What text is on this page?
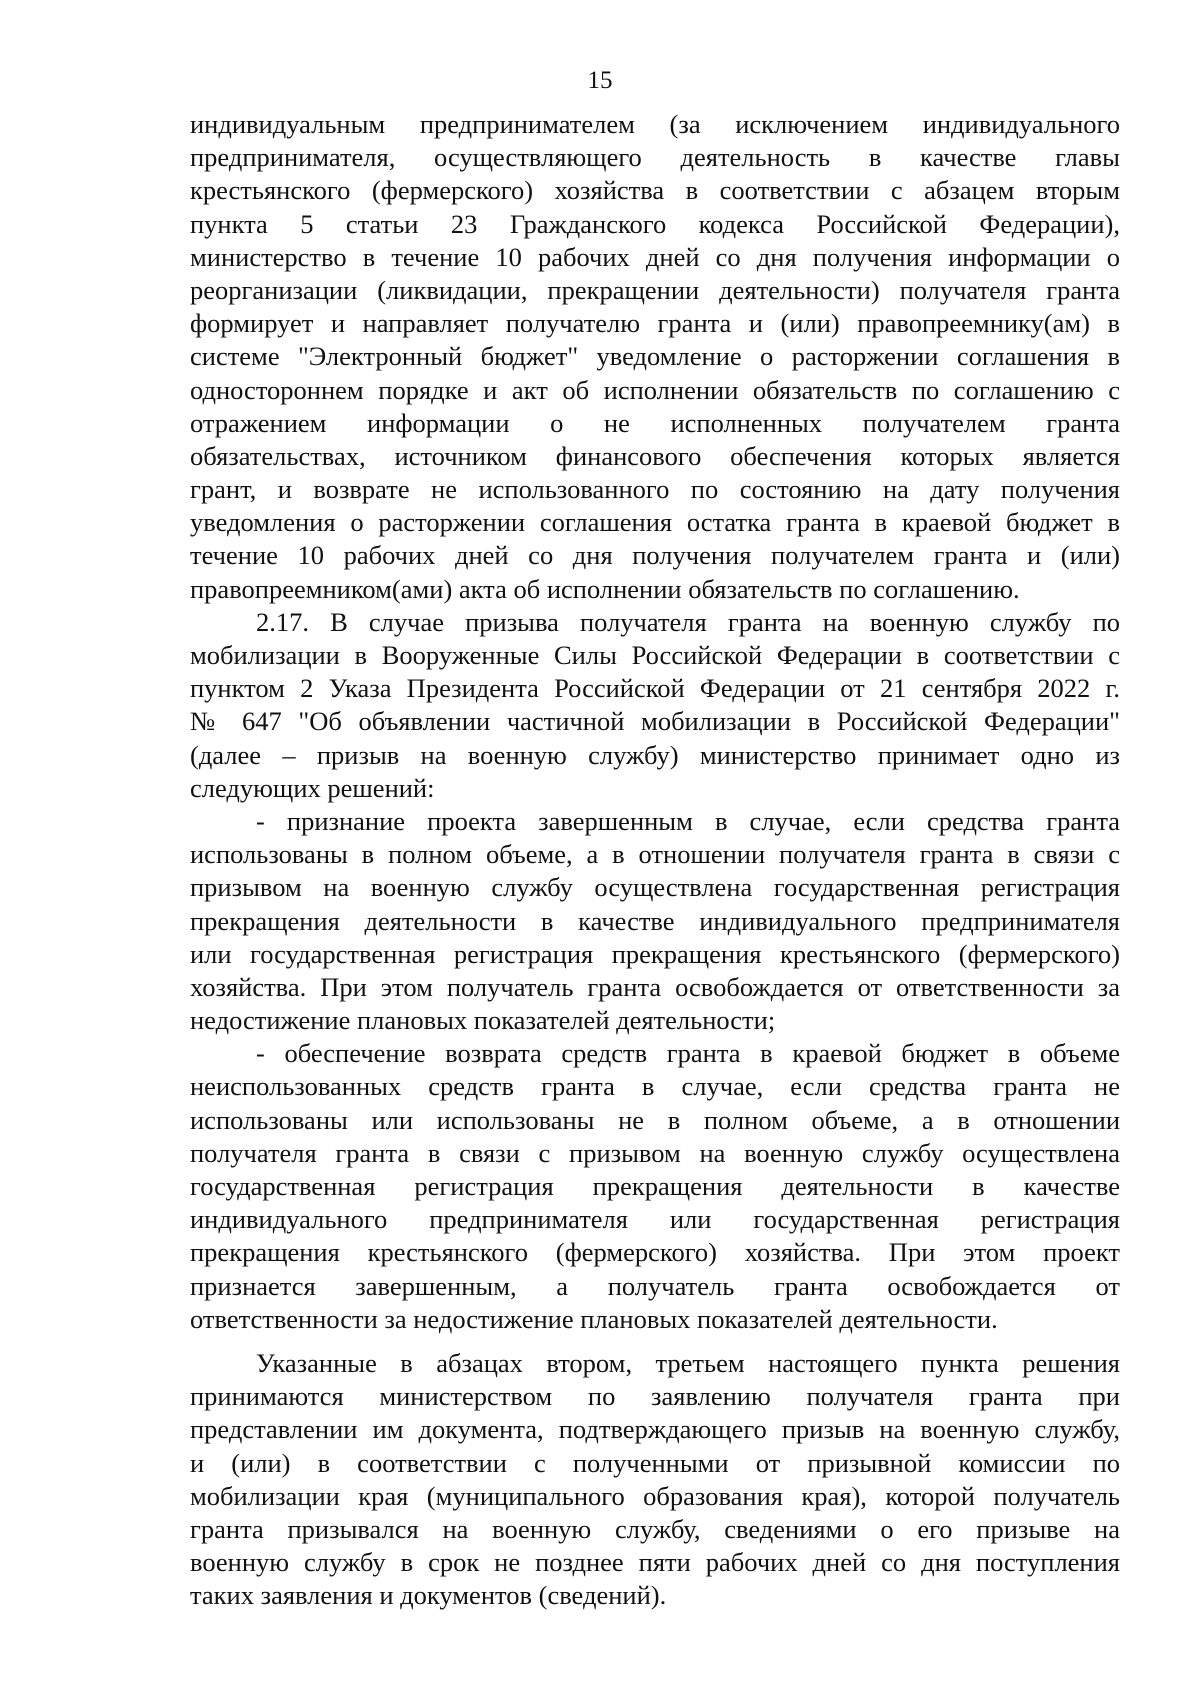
15
индивидуальным предпринимателем (за исключением индивидуального
предпринимателя, осуществляющего деятельность в качестве главы
крестьянского (фермерского) хозяйства в соответствии с абзацем вторым
пункта 5 статьи 23 Гражданского кодекса Российской Федерации),
министерство в течение 10 рабочих дней со дня получения информации о
реорганизации (ликвидации, прекращении деятельности) получателя гранта
формирует и направляет получателю гранта и (или) правопреемнику(ам) в
системе "Электронный бюджет" уведомление о расторжении соглашения в
одностороннем порядке и акт об исполнении обязательств по соглашению с
отражением информации о не исполненных получателем гранта
обязательствах, источником финансового обеспечения которых является
грант, и возврате не использованного по состоянию на дату получения
уведомления о расторжении соглашения остатка гранта в краевой бюджет в
течение 10 рабочих дней со дня получения получателем гранта и (или)
правопреемником(ами) акта об исполнении обязательств по соглашению.
2.17. В случае призыва получателя гранта на военную службу по
мобилизации в Вооруженные Силы Российской Федерации в соответствии с
пунктом 2 Указа Президента Российской Федерации от 21 сентября 2022 г.
№ 647 "Об объявлении частичной мобилизации в Российской Федерации"
(далее – призыв на военную службу) министерство принимает одно из
следующих решений:
- признание проекта завершенным в случае, если средства гранта
использованы в полном объеме, а в отношении получателя гранта в связи с
призывом на военную службу осуществлена государственная регистрация
прекращения деятельности в качестве индивидуального предпринимателя
или государственная регистрация прекращения крестьянского (фермерского)
хозяйства. При этом получатель гранта освобождается от ответственности за
недостижение плановых показателей деятельности;
- обеспечение возврата средств гранта в краевой бюджет в объеме
неиспользованных средств гранта в случае, если средства гранта не
использованы или использованы не в полном объеме, а в отношении
получателя гранта в связи с призывом на военную службу осуществлена
государственная регистрация прекращения деятельности в качестве
индивидуального предпринимателя или государственная регистрация
прекращения крестьянского (фермерского) хозяйства. При этом проект
признается завершенным, а получатель гранта освобождается от
ответственности за недостижение плановых показателей деятельности.
Указанные в абзацах втором, третьем настоящего пункта решения
принимаются министерством по заявлению получателя гранта при
представлении им документа, подтверждающего призыв на военную службу,
и (или) в соответствии с полученными от призывной комиссии по
мобилизации края (муниципального образования края), которой получатель
гранта призывался на военную службу, сведениями о его призыве на
военную службу в срок не позднее пяти рабочих дней со дня поступления
таких заявления и документов (сведений).
